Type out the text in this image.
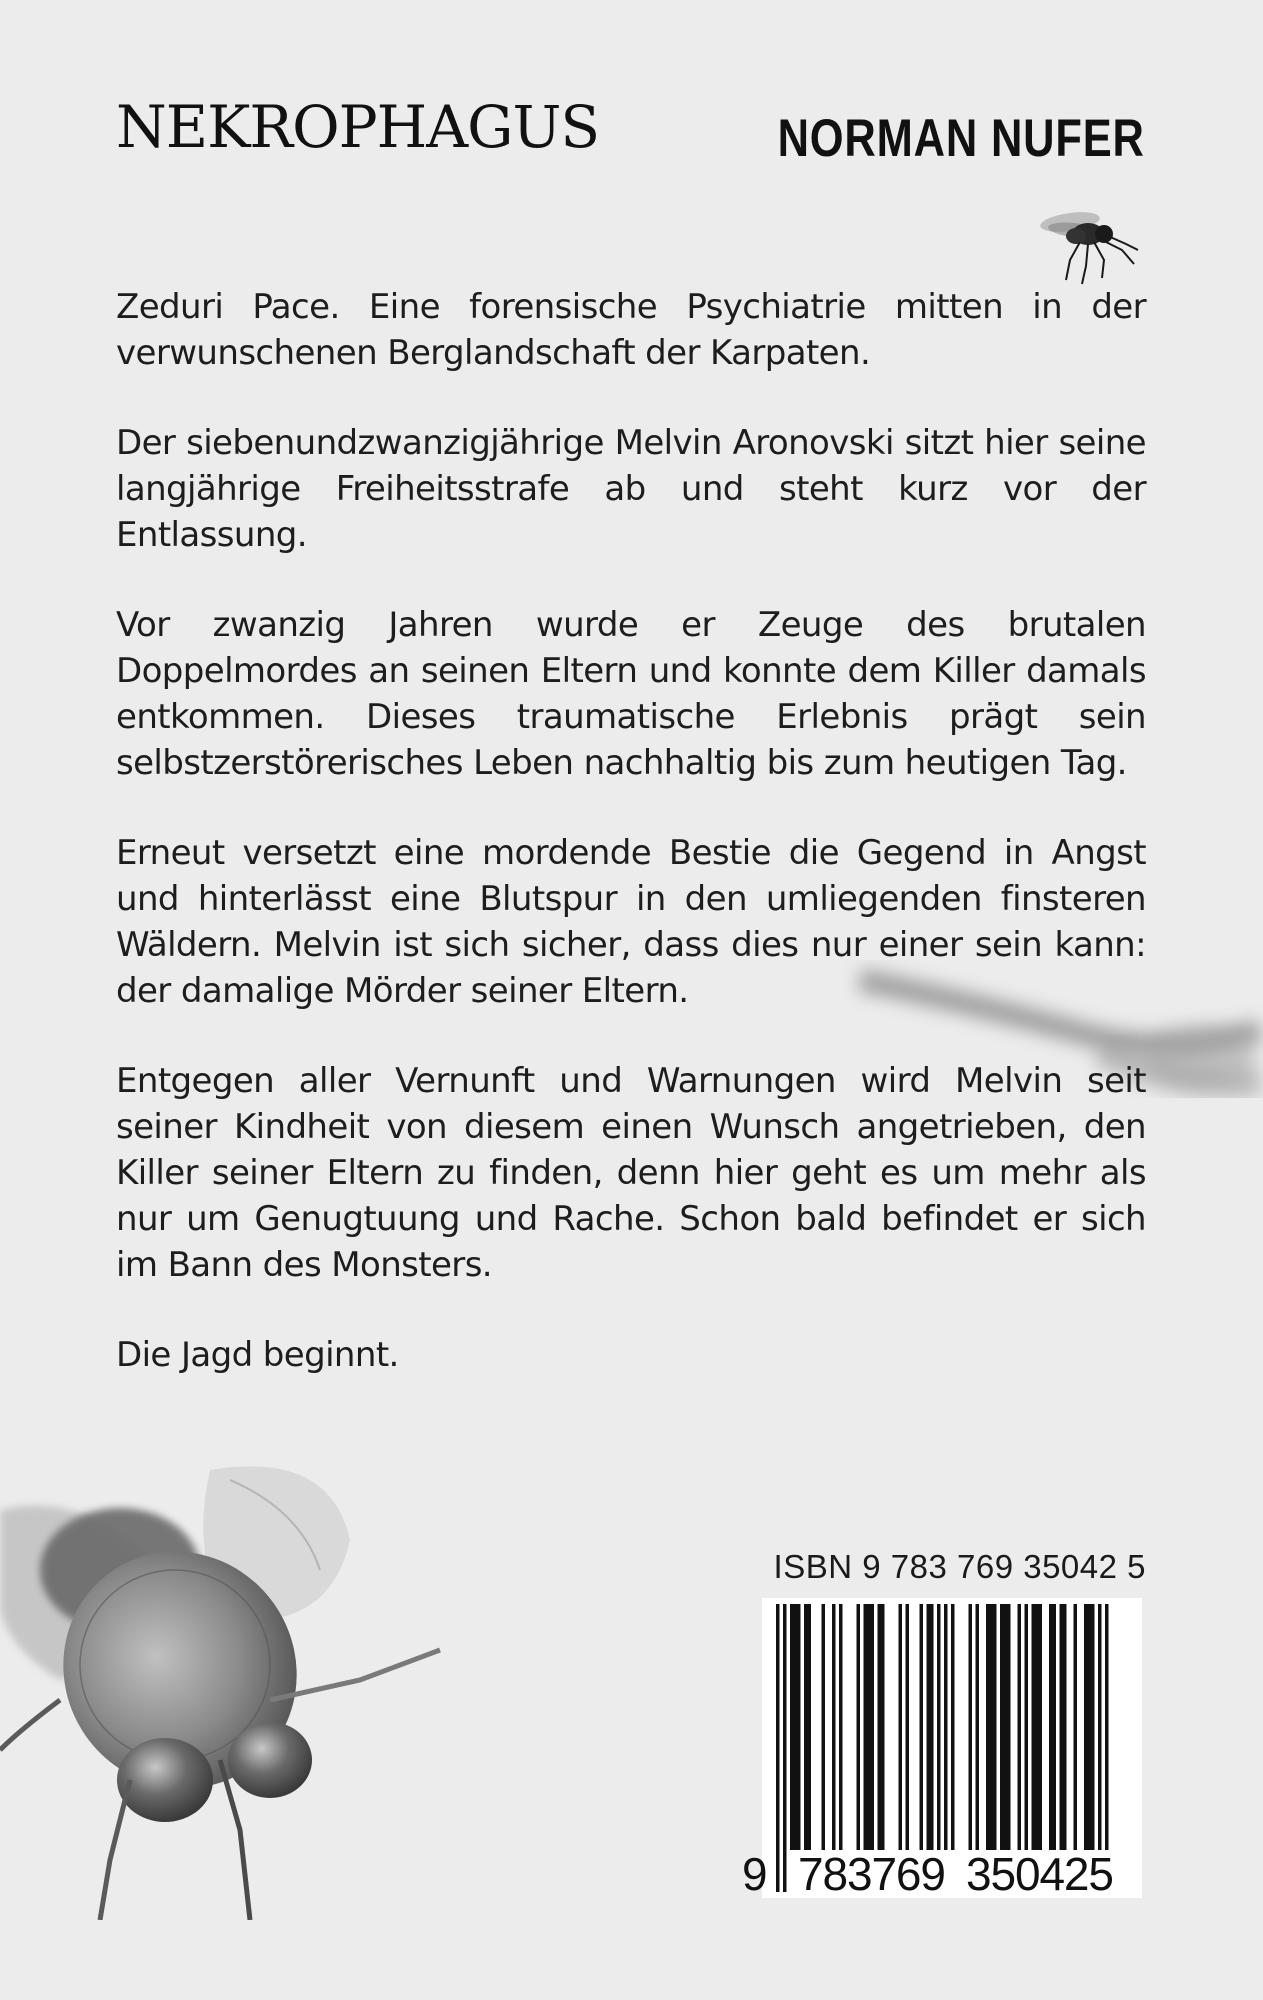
NEKROPHAGUS	NORMAN NUFER

Zeduri Pace. Eine forensische Psychiatrie mitten in der verwunschenen Berglandschaft der Karpaten.

Der siebenundzwanzigjährige Melvin Aronovski sitzt hier seine langjährige Freiheitsstrafe ab und steht kurz vor der Entlassung.

Vor zwanzig Jahren wurde er Zeuge des brutalen Doppelmordes an seinen Eltern und konnte dem Killer damals entkommen. Dieses traumatische Erlebnis prägt sein selbstzerstörerisches Leben nachhaltig bis zum heutigen Tag.

Erneut versetzt eine mordende Bestie die Gegend in Angst und hinterlässt eine Blutspur in den umliegenden finsteren Wäldern. Melvin ist sich sicher, dass dies nur einer sein kann: der damalige Mörder seiner Eltern.

Entgegen aller Vernunft und Warnungen wird Melvin seit seiner Kindheit von diesem einen Wunsch angetrieben, den Killer seiner Eltern zu finden, denn hier geht es um mehr als nur um Genugtuung und Rache. Schon bald befindet er sich im Bann des Monsters.

Die Jagd beginnt.

ISBN 9 783 769 35042 5
9 783769 350425
